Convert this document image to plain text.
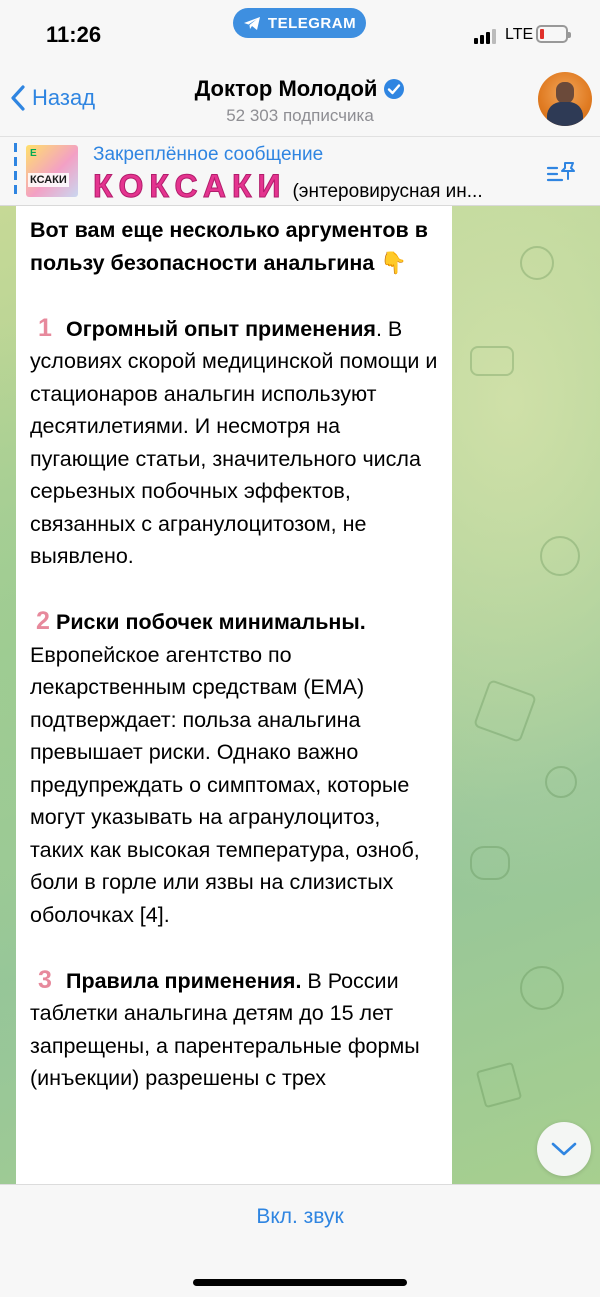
11:26	TELEGRAM
LTE
Назад	Доктор Молодой
52 303 подписчика
Е
КСАКИ
Закреплённое сообщение
КОКСАКИ (энтеровирусная ин...

Вот вам еще несколько аргументов в пользу безопасности анальгина 👇

1 Огромный опыт применения. В условиях скорой медицинской помощи и стационаров анальгин используют десятилетиями. И несмотря на пугающие статьи, значительного числа серьезных побочных эффектов, связанных с агранулоцитозом, не выявлено.

2 Риски побочек минимальны. Европейское агентство по лекарственным средствам (EMA) подтверждает: польза анальгина превышает риски. Однако важно предупреждать о симптомах, которые могут указывать на агранулоцитоз, таких как высокая температура, озноб, боли в горле или язвы на слизистых оболочках [4].

3 Правила применения. В России таблетки анальгина детям до 15 лет запрещены, а парентеральные формы (инъекции) разрешены с трех

Вкл. звук
